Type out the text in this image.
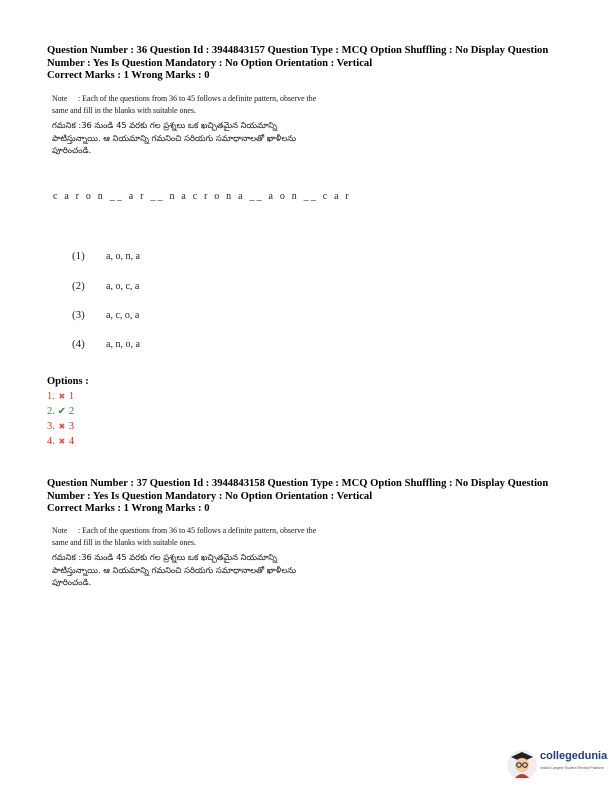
Question Number : 36 Question Id : 3944843157 Question Type : MCQ Option Shuffling : No Display Question
Number : Yes Is Question Mandatory : No Option Orientation : Vertical
Correct Marks : 1 Wrong Marks : 0
Note : Each of the questions from 36 to 45 follows a definite pattern, observe the
same and fill in the blanks with suitable ones.
గమనిక :36 నుండి 45 వరకు గల ప్రశ్నలు ఒక ఖచ్చితమైన నియమాన్ని
పాటిస్తున్నాయి. ఆ నియమాన్ని గమనించి సరియగు సమాధానాలతో ఖాళీలను
పూరించండి.
c a r o n __ a r __ n a c r o n a __ a o n __ c a r
(1) a, o, n, a
(2) a, o, c, a
(3) a, c, o, a
(4) a, n, o, a
Options :
1. ✖ 1
2. ✔ 2
3. ✖ 3
4. ✖ 4
Question Number : 37 Question Id : 3944843158 Question Type : MCQ Option Shuffling : No Display Question
Number : Yes Is Question Mandatory : No Option Orientation : Vertical
Correct Marks : 1 Wrong Marks : 0
Note : Each of the questions from 36 to 45 follows a definite pattern, observe the
same and fill in the blanks with suitable ones.
గమనిక :36 నుండి 45 వరకు గల ప్రశ్నలు ఒక ఖచ్చితమైన నియమాన్ని
పాటిస్తున్నాయి. ఆ నియమాన్ని గమనించి సరియగు సమాధానాలతో ఖాళీలను
పూరించండి.
collegedunia
India's Largest Student Review Platform
